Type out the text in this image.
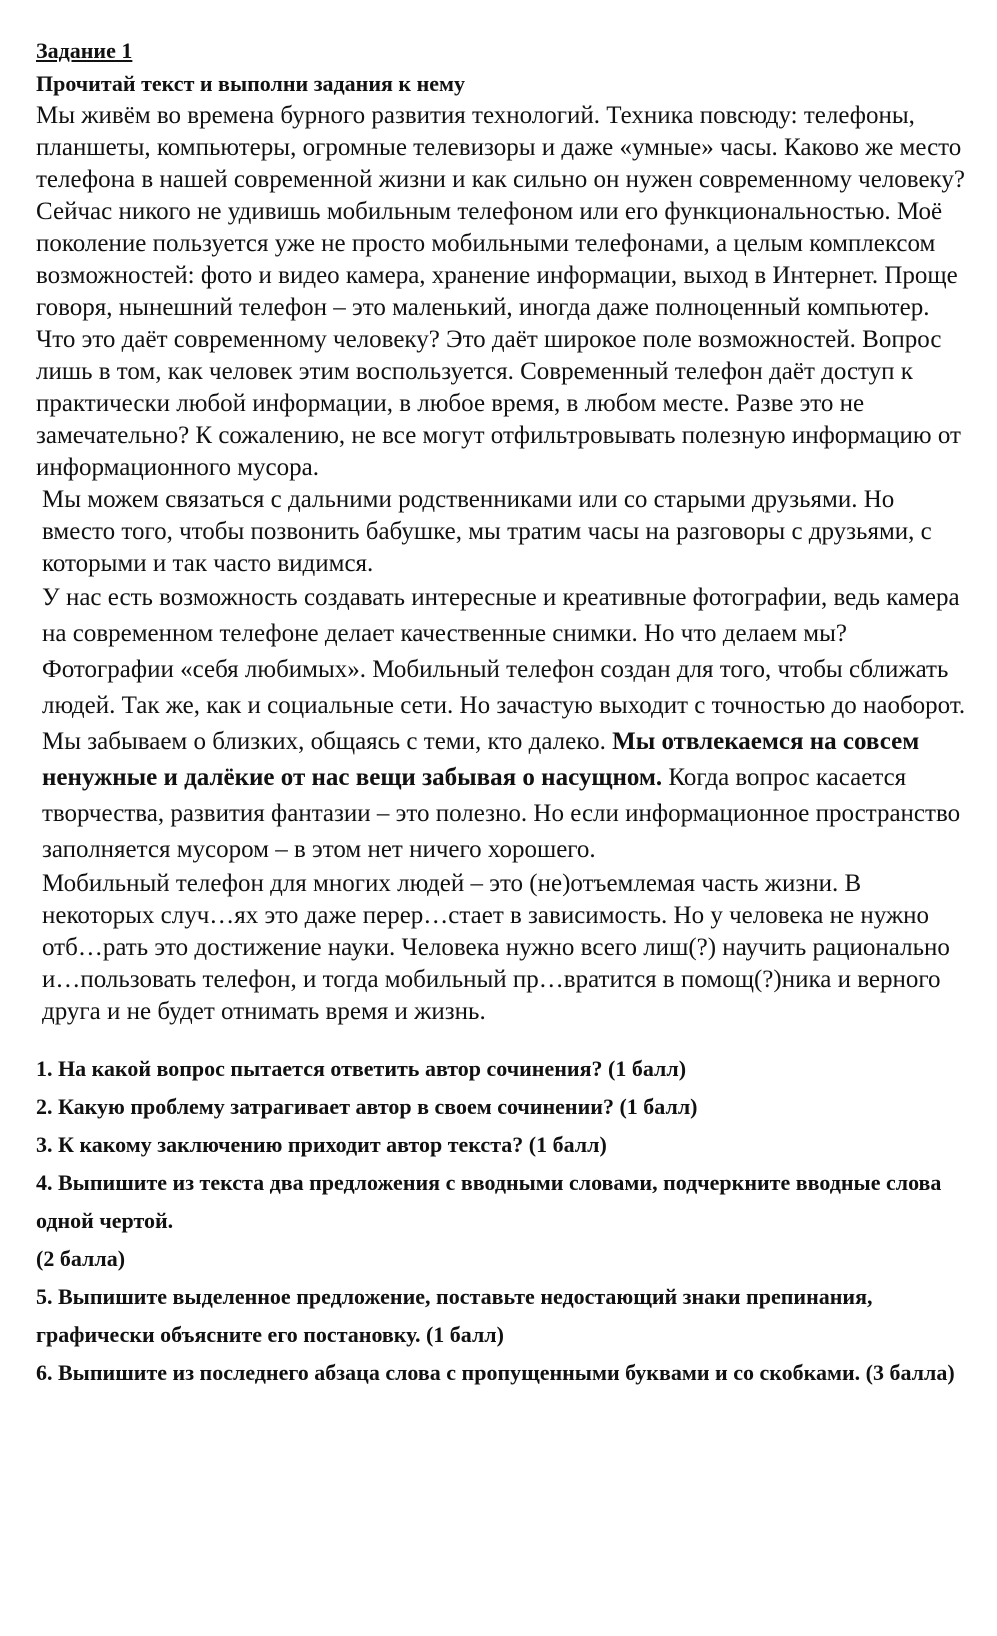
Задание 1
Прочитай текст и выполни задания к нему

Мы живём во времена бурного развития технологий. Техника повсюду: телефоны, планшеты, компьютеры, огромные телевизоры и даже «умные» часы. Каково же место телефона в нашей современной жизни и как сильно он нужен современному человеку?

Сейчас никого не удивишь мобильным телефоном или его функциональностью. Моё поколение пользуется уже не просто мобильными телефонами, а целым комплексом возможностей: фото и видео камера, хранение информации, выход в Интернет. Проще говоря, нынешний телефон – это маленький, иногда даже полноценный компьютер.

Что это даёт современному человеку? Это даёт широкое поле возможностей. Вопрос лишь в том, как человек этим воспользуется. Современный телефон даёт доступ к практически любой информации, в любое время, в любом месте. Разве это не замечательно? К сожалению, не все могут отфильтровывать полезную информацию от информационного мусора.

Мы можем связаться с дальними родственниками или со старыми друзьями. Но вместо того, чтобы позвонить бабушке, мы тратим часы на разговоры с друзьями, с которыми и так часто видимся.

У нас есть возможность создавать интересные и креативные фотографии, ведь камера на современном телефоне делает качественные снимки. Но что делаем мы? Фотографии «себя любимых». Мобильный телефон создан для того, чтобы сближать людей. Так же, как и социальные сети. Но зачастую выходит с точностью до наоборот. Мы забываем о близких, общаясь с теми, кто далеко. Мы отвлекаемся на совсем ненужные и далёкие от нас вещи забывая о насущном. Когда вопрос касается творчества, развития фантазии – это полезно. Но если информационное пространство заполняется мусором – в этом нет ничего хорошего.

Мобильный телефон для многих людей – это (не)отъемлемая часть жизни. В некоторых случ…ях это даже перер…стает в зависимость. Но у человека не нужно отб…рать это достижение науки. Человека нужно всего лиш(?) научить рационально и…пользовать телефон, и тогда мобильный пр…вратится в помощ(?)ника и верного друга и не будет отнимать время и жизнь.

1. На какой вопрос пытается ответить автор сочинения? (1 балл)
2. Какую проблему затрагивает автор в своем сочинении? (1 балл)
3. К какому заключению приходит автор текста? (1 балл)
4. Выпишите из текста два предложения с вводными словами, подчеркните вводные слова одной чертой.
(2 балла)
5. Выпишите выделенное предложение, поставьте недостающий знаки препинания, графически объясните его постановку. (1 балл)
6. Выпишите из последнего абзаца слова с пропущенными буквами и со скобками. (3 балла)
